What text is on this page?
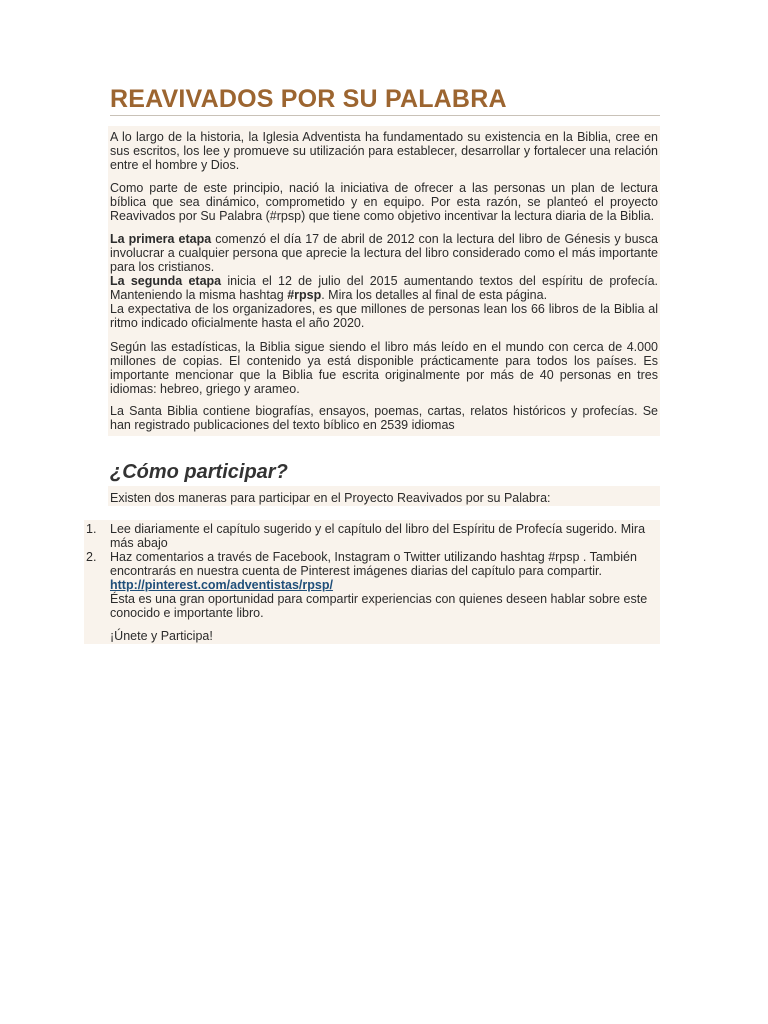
REAVIVADOS POR SU PALABRA

A lo largo de la historia, la Iglesia Adventista ha fundamentado su existencia en la Biblia, cree en sus escritos, los lee y promueve su utilización para establecer, desarrollar y fortalecer una relación entre el hombre y Dios.

Como parte de este principio, nació la iniciativa de ofrecer a las personas un plan de lectura bíblica que sea dinámico, comprometido y en equipo. Por esta razón, se planteó el proyecto Reavivados por Su Palabra (#rpsp) que tiene como objetivo incentivar la lectura diaria de la Biblia.

La primera etapa comenzó el día 17 de abril de 2012 con la lectura del libro de Génesis y busca involucrar a cualquier persona que aprecie la lectura del libro considerado como el más importante para los cristianos.

La segunda etapa inicia el 12 de julio del 2015 aumentando textos del espíritu de profecía. Manteniendo la misma hashtag #rpsp. Mira los detalles al final de esta página.

La expectativa de los organizadores, es que millones de personas lean los 66 libros de la Biblia al ritmo indicado oficialmente hasta el año 2020.

Según las estadísticas, la Biblia sigue siendo el libro más leído en el mundo con cerca de 4.000 millones de copias. El contenido ya está disponible prácticamente para todos los países. Es importante mencionar que la Biblia fue escrita originalmente por más de 40 personas en tres idiomas: hebreo, griego y arameo.

La Santa Biblia contiene biografías, ensayos, poemas, cartas, relatos históricos y profecías. Se han registrado publicaciones del texto bíblico en 2539 idiomas

¿Cómo participar?

Existen dos maneras para participar en el Proyecto Reavivados por su Palabra:

1. Lee diariamente el capítulo sugerido y el capítulo del libro del Espíritu de Profecía sugerido. Mira más abajo
2. Haz comentarios a través de Facebook, Instagram o Twitter utilizando hashtag #rpsp . También encontrarás en nuestra cuenta de Pinterest imágenes diarias del capítulo para compartir. http://pinterest.com/adventistas/rpsp/
Ésta es una gran oportunidad para compartir experiencias con quienes deseen hablar sobre este conocido e importante libro.
¡Únete y Participa!
